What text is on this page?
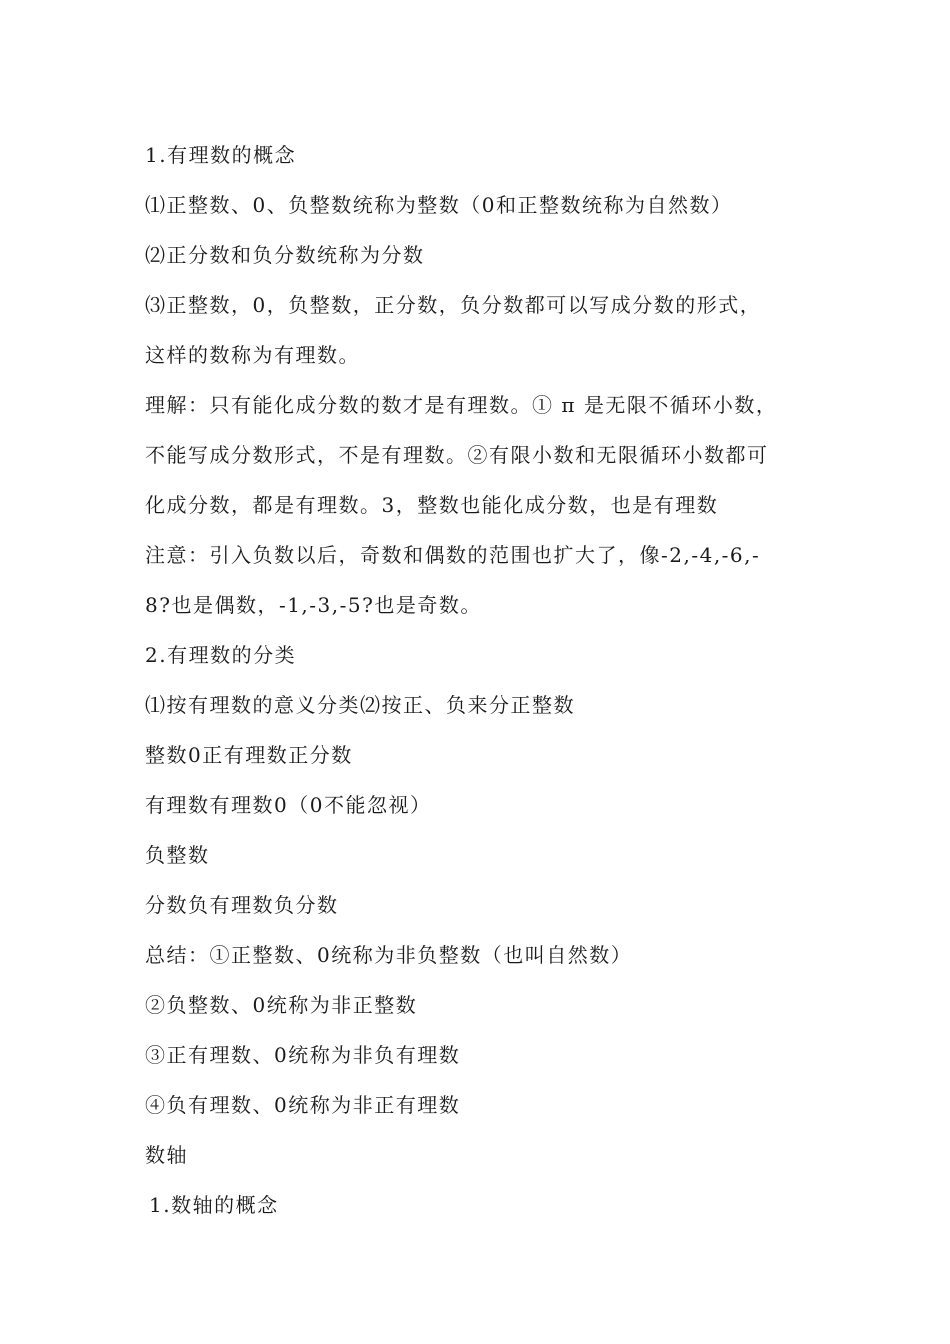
1.有理数的概念
⑴正整数、0、负整数统称为整数（0和正整数统称为自然数）
⑵正分数和负分数统称为分数
⑶正整数，0，负整数，正分数，负分数都可以写成分数的形式，
这样的数称为有理数。
理解：只有能化成分数的数才是有理数。① π 是无限不循环小数，
不能写成分数形式，不是有理数。②有限小数和无限循环小数都可
化成分数，都是有理数。3，整数也能化成分数，也是有理数
注意：引入负数以后，奇数和偶数的范围也扩大了，像-2,-4,-6,-
8?也是偶数，-1,-3,-5?也是奇数。
2.有理数的分类
⑴按有理数的意义分类⑵按正、负来分正整数
整数0正有理数正分数
有理数有理数0（0不能忽视）
负整数
分数负有理数负分数
总结：①正整数、0统称为非负整数（也叫自然数）
②负整数、0统称为非正整数
③正有理数、0统称为非负有理数
④负有理数、0统称为非正有理数
数轴
1.数轴的概念
